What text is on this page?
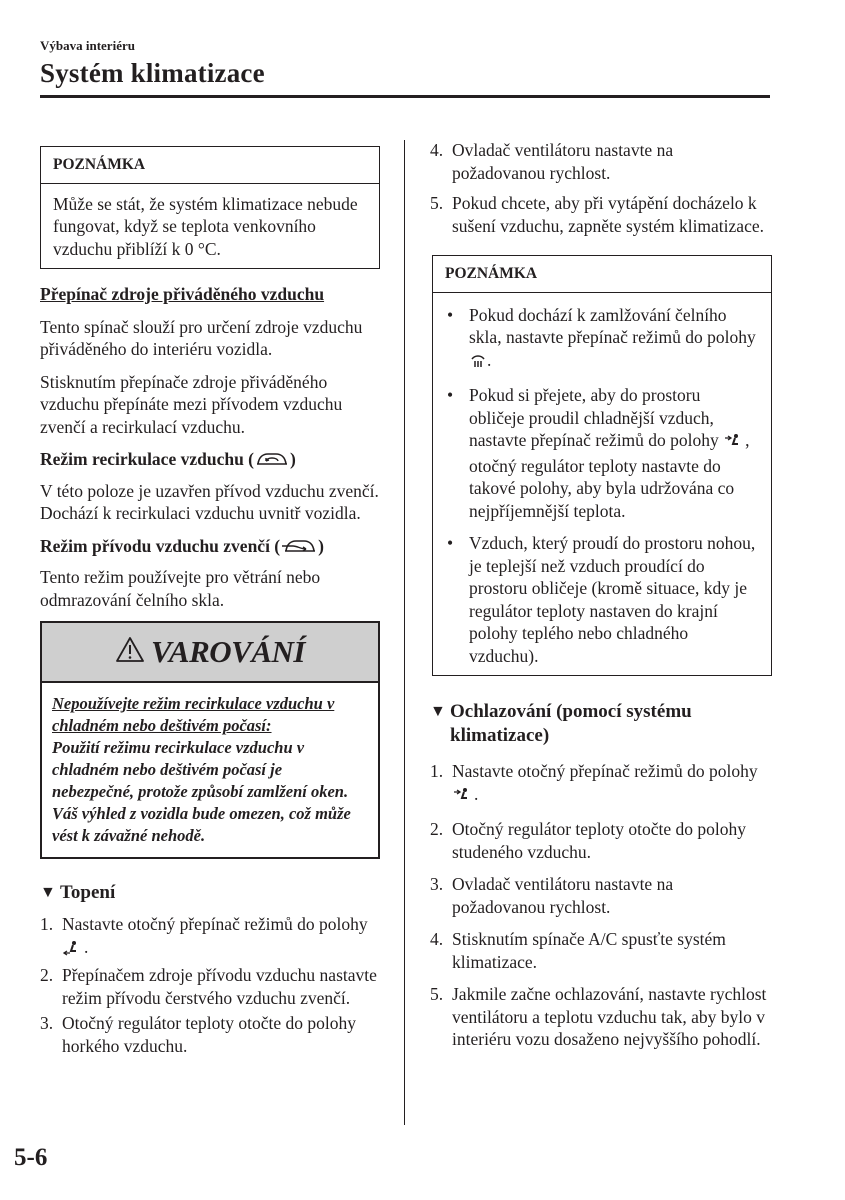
Výbava interiéru
Systém klimatizace
POZNÁMKA
Může se stát, že systém klimatizace nebude fungovat, když se teplota venkovního vzduchu přiblíží k 0 °C.

Přepínač zdroje přiváděného vzduchu

Tento spínač slouží pro určení zdroje vzduchu přiváděného do interiéru vozidla.

Stisknutím přepínače zdroje přiváděného vzduchu přepínáte mezi přívodem vzduchu zvenčí a recirkulací vzduchu.

Režim recirkulace vzduchu ( )

V této poloze je uzavřen přívod vzduchu zvenčí. Dochází k recirkulaci vzduchu uvnitř vozidla.

Režim přívodu vzduchu zvenčí ( )

Tento režim používejte pro větrání nebo odmrazování čelního skla.

VAROVÁNÍ

Nepoužívejte režim recirkulace vzduchu v chladném nebo deštivém počasí:

Použití režimu recirkulace vzduchu v chladném nebo deštivém počasí je nebezpečné, protože způsobí zamlžení oken.

Váš výhled z vozidla bude omezen, což může vést k závažné nehodě.

▼ Topení
1. Nastavte otočný přepínač režimů do polohy .
2. Přepínačem zdroje přívodu vzduchu nastavte režim přívodu čerstvého vzduchu zvenčí.
3. Otočný regulátor teploty otočte do polohy horkého vzduchu.
4. Ovladač ventilátoru nastavte na požadovanou rychlost.
5. Pokud chcete, aby při vytápění docházelo k sušení vzduchu, zapněte systém klimatizace.
POZNÁMKA
• Pokud dochází k zamlžování čelního skla, nastavte přepínač režimů do polohy .
• Pokud si přejete, aby do prostoru obličeje proudil chladnější vzduch, nastavte přepínač režimů do polohy , otočný regulátor teploty nastavte do takové polohy, aby byla udržována co nejpříjemnější teplota.
• Vzduch, který proudí do prostoru nohou, je teplejší než vzduch proudící do prostoru obličeje (kromě situace, kdy je regulátor teploty nastaven do krajní polohy teplého nebo chladného vzduchu).
▼ Ochlazování (pomocí systému klimatizace)
1. Nastavte otočný přepínač režimů do polohy .
2. Otočný regulátor teploty otočte do polohy studeného vzduchu.
3. Ovladač ventilátoru nastavte na požadovanou rychlost.
4. Stisknutím spínače A/C spusťte systém klimatizace.
5. Jakmile začne ochlazování, nastavte rychlost ventilátoru a teplotu vzduchu tak, aby bylo v interiéru vozu dosaženo nejvyššího pohodlí.
5-6
